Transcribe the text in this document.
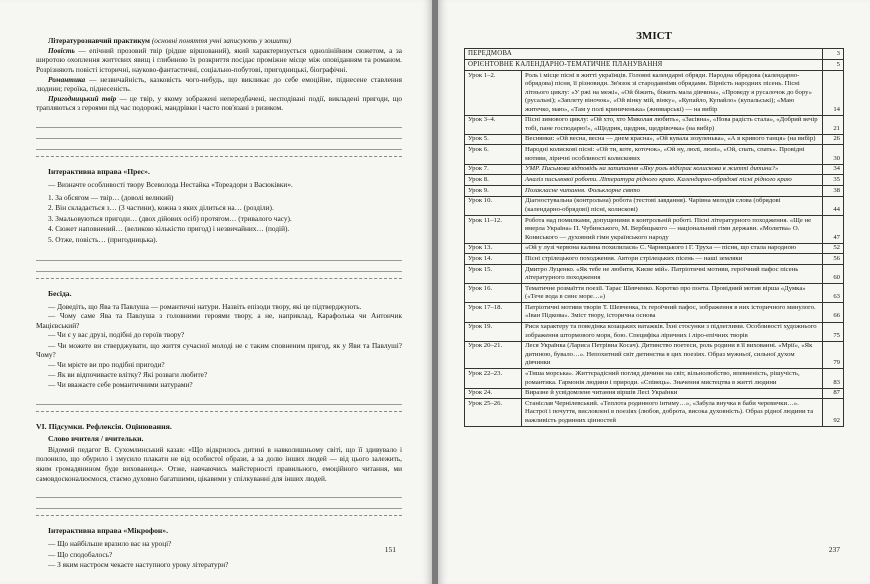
Літературознавчий практикум (основні поняття учні записують у зошити)

Повість — епічний прозовий твір (рідше віршований), який характеризується однолінійним сюжетом, а за широтою охоплення життєвих явищ і глибиною їх розкриття посідає проміжне місце між оповіданням та романом. Розрізняють повісті історичні, науково-фантастичні, соціально-побутові, пригодницькі, біографічні.

Романтика — незвичайність, казковість чого-небудь, що викликає до себе емоційне, піднесене ставлення людини; героїка, піднесеність.

Пригодницький твір — це твір, у якому зображені непередбачені, несподівані події, викладені пригоди, що трапляються з героями під час подорожі, мандрівки і часто пов'язані з ризиком.

Інтерактивна вправа «Прес».
— Визначте особливості твору Всеволода Нестайка «Тореадори з Васюківки».
1. За обсягом — твір… (доволі великий)
2. Він складається з… (3 частини), кожна з яких ділиться на… (розділи).
3. Змальовуються пригоди… (двох дійових осіб) протягом… (тривалого часу).
4. Сюжет наповнений… (великою кількістю пригод) і незвичайних… (подій).
5. Отже, повість… (пригодницька).
Бесіда.

— Доведіть, що Ява та Павлуша — романтичні натури. Назвіть епізоди твору, які це підтверджують.

— Чому саме Ява та Павлуша з головними героями твору, а не, наприклад, Карафолька чи Антончик Мацієвський?

— Чи є у вас друзі, подібні до героїв твору?

— Чи можете ви стверджувати, що життя сучасної молоді не є таким сповненим пригод, як у Яви та Павлуші? Чому?

— Чи мрієте ви про подібні пригоди?
— Як ви відпочиваєте влітку? Які розваги любите?
— Чи вважаєте себе романтичними натурами?
VI. Підсумки. Рефлексія. Оцінювання.
Слово вчителя / вчительки.

Відомий педагог В. Сухомлинський казав: «Що відкрилось дитині в навколишньому світі, що її здивувало і полонило, що обурило і змусило плакати не від особистої образи, а за долю інших людей — від цього залежить, яким громадянином буде вихованець». Отже, навчаючись майстерності правильного, емоційного читання, ми самовдосконалюємося, стаємо духовно багатшими, цікавими у спілкуванні для інших людей.

Інтерактивна вправа «Мікрофон».
— Що найбільше вразило вас на уроці?
— Що сподобалось?
— З яким настроєм чекаєте наступного уроку літератури?
151
ЗМІСТ
ПЕРЕДМОВА		3
ОРІЄНТОВНЕ КАЛЕНДАРНО-ТЕМАТИЧНЕ ПЛАНУВАННЯ		5
Урок 1–2.	Роль і місце пісні в житті українців. Головні календарні обряди. Народна обрядова (календарно-обрядова) пісня, її різновиди. Зв'язок зі стародавніми обрядами. Вірність народних пісень. Пісні літнього циклу: «У ржі на межі», «Ой біжить, біжить мала дівчина», «Проведу я русалочок до бору» (русальні); «Заплету віночок», «Ой вінку мій, вінку», «Купайло, Купайло» (купальські); «Маю житечко, маю», «Там у полі криниченька» (жниварські) — на вибір	14
Урок 3–4.	Пісні зимового циклу: «Ой хто, хто Миколая любить», «Засівна», «Нова радість стала», «Добрий вечір тобі, пане господарю!», «Щедрик, щедрик, щедрівочка» (на вибір)	21
Урок 5.	Веснянки: «Ой весна, весна — днем красна», «Ой кувала зозуленька», «А в кривого танця» (на вибір)	26
Урок 6.	Народні колискові пісні: «Ой ти, коте, коточок», «Ой ну, люлі, люлі», «Ой, спать, спать». Провідні мотиви, ліричні особливості колискових	30
Урок 7.	УМР. Письмова відповідь на запитання «Яку роль відіграє колискова в житті дитини?»	34
Урок 8.	Аналіз письмової роботи. Література рідного краю. Календарно-обрядові пісні рідного краю	35
Урок 9.	Позакласне читання. Фольклорне свято	38
Урок 10.	Діагностувальна (контрольна) робота (тестові завдання). Чарівна мелодія слова (обрядові (календарно-обрядові) пісні, колискові)	44
Урок 11–12.	Робота над помилками, допущеними в контрольній роботі. Пісні літературного походження. «Ще не вмерла Україна» П. Чубинського, М. Вербицького — національний гімн держави. «Молитва» О. Кониського — духовний гімн українського народу	47
Урок 13.	«Ой у лузі червона калина похилилася» С. Чарнецького і Г. Труха — пісня, що стала народною	52
Урок 14.	Пісні стрілецького походження. Автори стрілецьких пісень — наші земляки	56
Урок 15.	Дмитро Луценко. «Як тебе не любити, Києве мій». Патріотичні мотиви, героїчний пафос пісень літературного походження	60
Урок 16.	Тематичне розмаїття поезії. Тарас Шевченко. Коротко про поета. Провідний мотив вірша «Думка» («Тече вода в синє море…»)	63
Урок 17–18.	Патріотичні мотиви творів Т. Шевченка, їх героїчний пафос, зображення в них історичного минулого. «Іван Підкова». Зміст твору, історична основа	66
Урок 19.	Риси характеру та поведінка козацьких ватажків. Їхні стосунки з підлеглими. Особливості художнього зображення штормового моря, бою. Специфіка ліричних і ліро-епічних творів	75
Урок 20–21.	Леся Українка (Лариса Петрівна Косач). Дитинство поетеси, роль родини в її вихованні. «Мрії», «Як дитиною, бувало…». Непохитний світ дитинства в цих поезіях. Образ мужньої, сильної духом дівчинки	79
Урок 22–23.	«Тиша морська». Життєрадісний погляд дівчини на світ, вільнолюбство, впевненість, рішучість, романтика. Гармонія людини і природи. «Співець». Значення мистецтва в житті людини	83
Урок 24.	Виразне й усвідомлене читання віршів Лесі Українки	87
Урок 25–26.	Станіслав Чернілевський. «Теплота родинного інтиму…», «Забула внучка в баби черевички…». Настрої і почуття, висловлені в поезіях (любов, доброта, висока духовність). Образ рідної людини та важливість родинних цінностей	92
237
